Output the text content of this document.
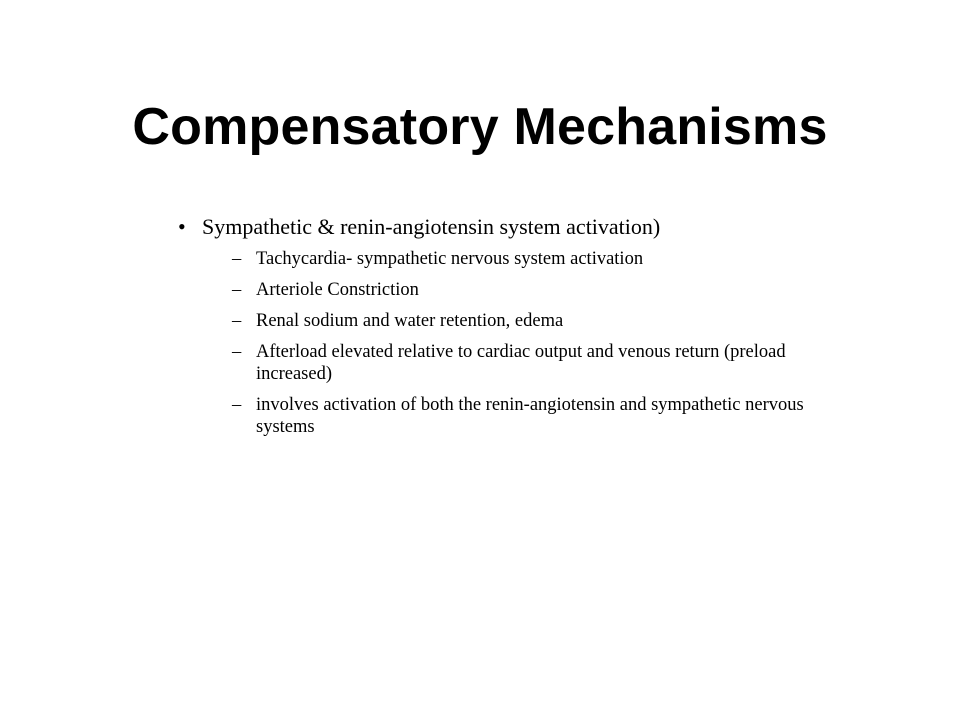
Compensatory Mechanisms
• Sympathetic & renin-angiotensin system activation)
– Tachycardia- sympathetic nervous system activation
– Arteriole Constriction
– Renal sodium and water retention, edema
– Afterload elevated relative to cardiac output and venous return (preload increased)
– involves activation of both the renin-angiotensin and sympathetic nervous systems
